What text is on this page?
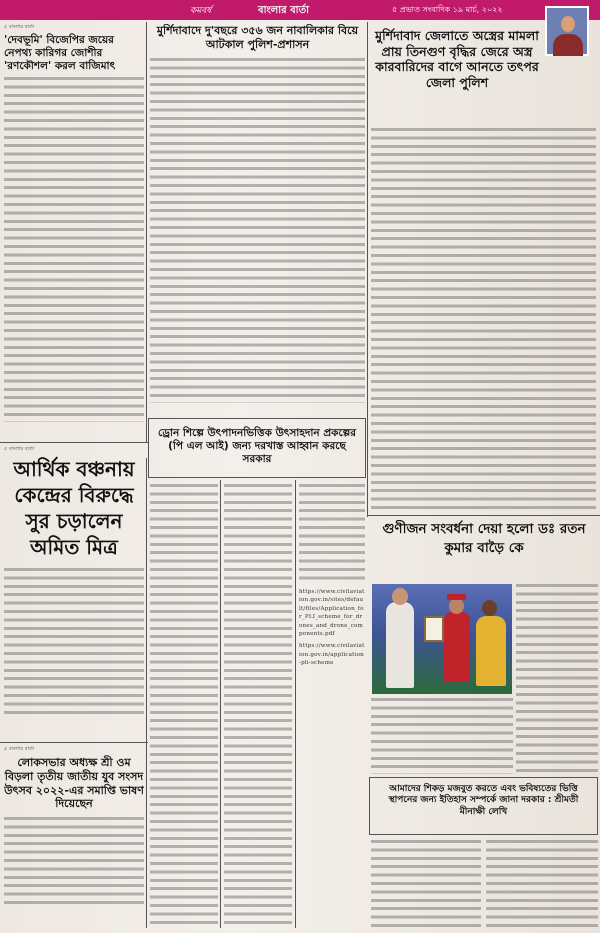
কমবর্ষ	বাংলার বার্তা	৫ প্রভাত সংবাদিক ১৯ মার্চ, ২০২২
৫ বাংলার বার্তা
'দেবভূমি' বিজেপির জয়ের নেপথ্য কারিগর জোশীর 'রণকৌশল' করল বাজিমাৎ
মুর্শিদাবাদে দু'বছরে ৩৫৬ জন নাবালিকার বিয়ে আটকাল পুলিশ-প্রশাসন
মুর্শিদাবাদ জেলাতে অস্ত্রের মামলা প্রায় তিনগুণ বৃদ্ধির জেরে অস্ত্র কারবারিদের বাগে আনতে তৎপর জেলা পুলিশ
ড্রোন শিল্পে উৎপাদনভিত্তিক উৎসাহদান প্রকল্পের (পি এল আই) জন্য দরখাস্ত আহ্বান করছে সরকার
https://www.civilaviation.gov.in/sites/default/files/Application_for_PLI_scheme_for_drones_and_drone_components.pdf
https://www.civilaviation.gov.in/application-pli-scheme
৫ বাংলার বার্তা
আর্থিক বঞ্চনায় কেন্দ্রের বিরুদ্ধে সুর চড়ালেন অমিত মিত্র
গুণীজন সংবর্ধনা দেয়া হলো ডঃ রতন কুমার বাড়ৈ কে
৫ বাংলার বার্তা
লোকসভার অধ্যক্ষ শ্রী ওম বিড়লা তৃতীয় জাতীয় যুব সংসদ উৎসব ২০২২-এর সমাপ্তি ভাষণ দিয়েছেন
আমাদের শিকড় মজবুত করতে এবং ভবিষ্যতের ভিত্তি স্থাপনের জন্য ইতিহাস সম্পর্কে জানা দরকার : শ্রীমতী মীনাক্ষী লেখি
